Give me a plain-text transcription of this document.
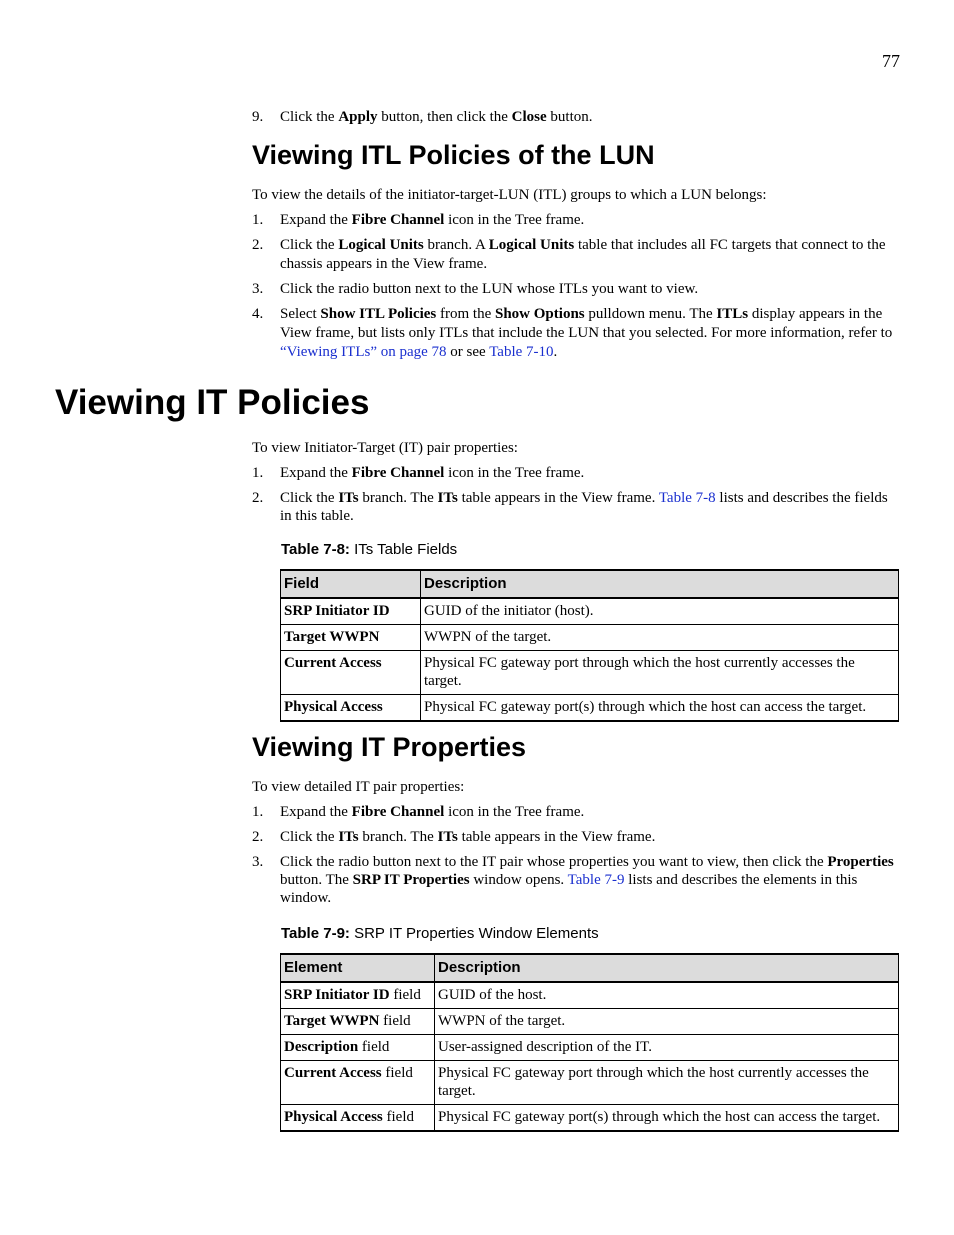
77
9. Click the Apply button, then click the Close button.
Viewing ITL Policies of the LUN
To view the details of the initiator-target-LUN (ITL) groups to which a LUN belongs:
1. Expand the Fibre Channel icon in the Tree frame.
2. Click the Logical Units branch. A Logical Units table that includes all FC targets that connect to the chassis appears in the View frame.
3. Click the radio button next to the LUN whose ITLs you want to view.
4. Select Show ITL Policies from the Show Options pulldown menu. The ITLs display appears in the View frame, but lists only ITLs that include the LUN that you selected. For more information, refer to “Viewing ITLs” on page 78 or see Table 7-10.
Viewing IT Policies
To view Initiator-Target (IT) pair properties:
1. Expand the Fibre Channel icon in the Tree frame.
2. Click the ITs branch. The ITs table appears in the View frame. Table 7-8 lists and describes the fields in this table.
Table 7-8: ITs Table Fields
Field	Description
SRP Initiator ID	GUID of the initiator (host).
Target WWPN	WWPN of the target.
Current Access	Physical FC gateway port through which the host currently accesses the target.
Physical Access	Physical FC gateway port(s) through which the host can access the target.
Viewing IT Properties
To view detailed IT pair properties:
1. Expand the Fibre Channel icon in the Tree frame.
2. Click the ITs branch. The ITs table appears in the View frame.
3. Click the radio button next to the IT pair whose properties you want to view, then click the Properties button. The SRP IT Properties window opens. Table 7-9 lists and describes the elements in this window.
Table 7-9: SRP IT Properties Window Elements
Element	Description
SRP Initiator ID field	GUID of the host.
Target WWPN field	WWPN of the target.
Description field	User-assigned description of the IT.
Current Access field	Physical FC gateway port through which the host currently accesses the target.
Physical Access field	Physical FC gateway port(s) through which the host can access the target.
